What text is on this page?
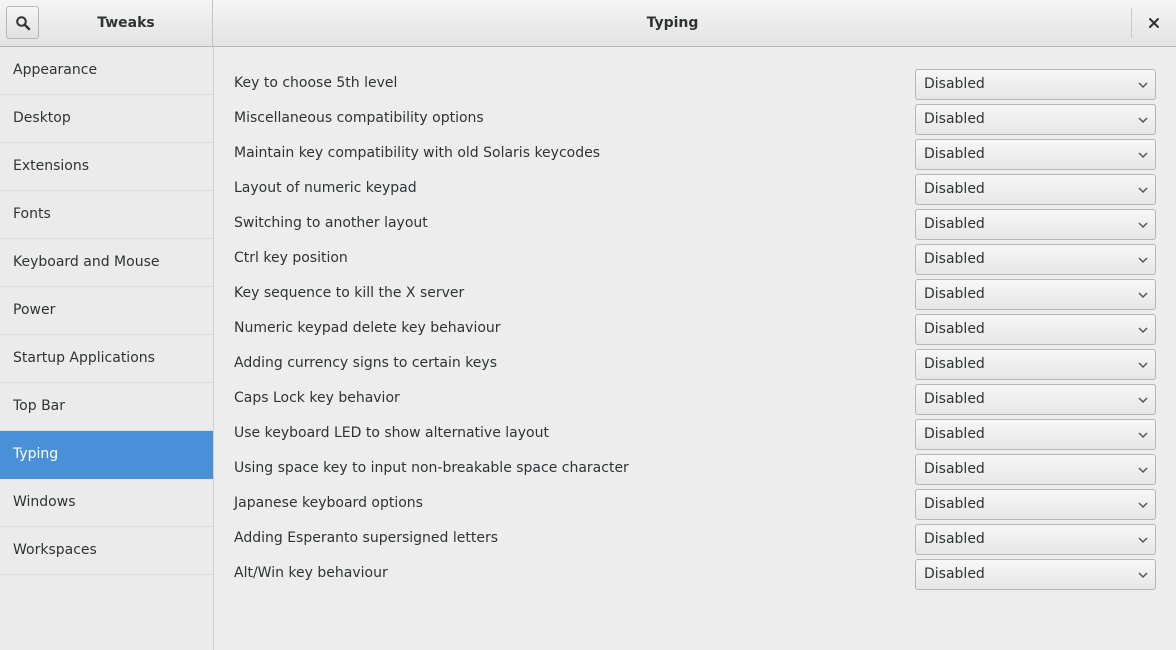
Tweaks	Typing
Appearance
Desktop
Extensions
Fonts
Keyboard and Mouse
Power
Startup Applications
Top Bar
Typing
Windows
Workspaces
Key to choose 5th level	Disabled
Miscellaneous compatibility options	Disabled
Maintain key compatibility with old Solaris keycodes	Disabled
Layout of numeric keypad	Disabled
Switching to another layout	Disabled
Ctrl key position	Disabled
Key sequence to kill the X server	Disabled
Numeric keypad delete key behaviour	Disabled
Adding currency signs to certain keys	Disabled
Caps Lock key behavior	Disabled
Use keyboard LED to show alternative layout	Disabled
Using space key to input non-breakable space character	Disabled
Japanese keyboard options	Disabled
Adding Esperanto supersigned letters	Disabled
Alt/Win key behaviour	Disabled
